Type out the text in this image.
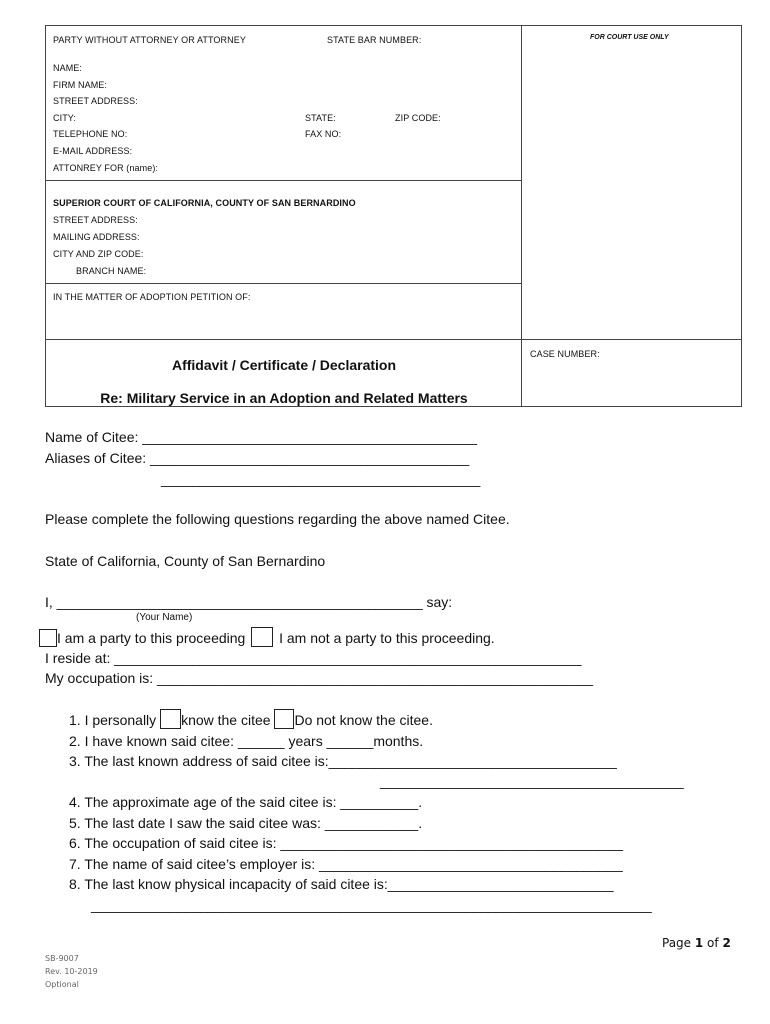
PARTY WITHOUT ATTORNEY OR ATTORNEY	STATE BAR NUMBER:	FOR COURT USE ONLY
NAME:
FIRM NAME:
STREET ADDRESS:
CITY:	STATE:	ZIP CODE:
TELEPHONE NO:	FAX NO:
E-MAIL ADDRESS:
ATTONREY FOR (name):
SUPERIOR COURT OF CALIFORNIA, COUNTY OF SAN BERNARDINO
STREET ADDRESS:
MAILING ADDRESS:
CITY AND ZIP CODE:
BRANCH NAME:
IN THE MATTER OF ADOPTION PETITION OF:
CASE NUMBER:
Affidavit / Certificate / Declaration
Re: Military Service in an Adoption and Related Matters
Name of Citee: ___________________________________________
Aliases of Citee: _________________________________________
_________________________________________
Please complete the following questions regarding the above named Citee.
State of California, County of San Bernardino
I, _______________________________________________ say:
(Your Name)
I am a party to this proceeding I am not a party to this proceeding.
I reside at: ____________________________________________________________
My occupation is: ________________________________________________________
1. I personally know the citee Do not know the citee.
2. I have known said citee: ______ years ______months.
3. The last known address of said citee is:_____________________________________
_______________________________________
4. The approximate age of the said citee is: __________.
5. The last date I saw the said citee was: ____________.
6. The occupation of said citee is: ____________________________________________
7. The name of said citee’s employer is: _______________________________________
8. The last know physical incapacity of said citee is:_____________________________
________________________________________________________________________
Page 1 of 2
SB-9007
Rev. 10-2019
Optional
